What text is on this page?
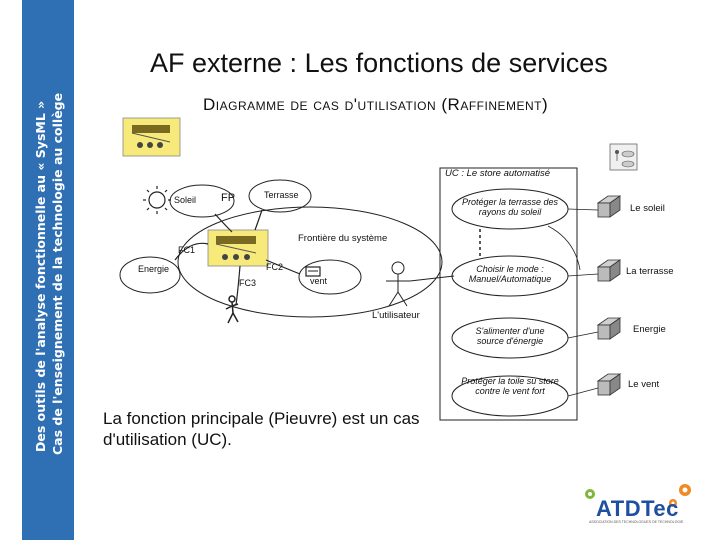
Des outils de l'analyse fonctionnelle au « SysML » Cas de l'enseignement de la technologie au collège
AF externe : Les fonctions de services
Diagramme de cas d'utilisation (Raffinement)
Soleil FP	Terrasse
Frontière du système
FC1
Energie	FC2
FC3	vent
UC : Le store automatisé
L'utilisateur
Protéger la terrasse des rayons du soleil
Choisir le mode : Manuel/Automatique
S'alimenter d'une source d'énergie
Protéger la toile su store contre le vent fort
Le soleil
La terrasse
Energie
Le vent
La fonction principale (Pieuvre) est un cas d'utilisation (UC).
ATDTec
ASSOCIATION DES TECHNOLOGUES DE TECHNOLOGIE
